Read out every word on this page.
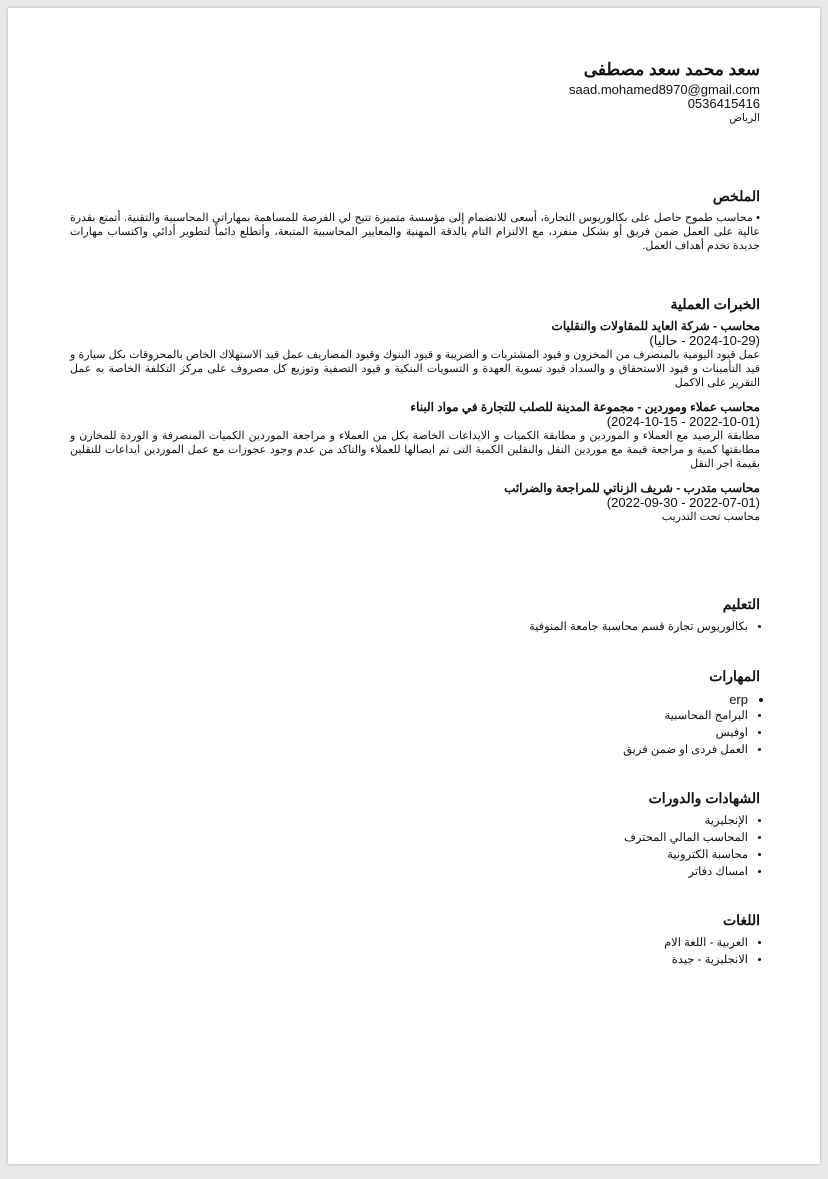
سعد محمد سعد مصطفى
saad.mohamed8970@gmail.com
0536415416
الرياض
الملخص

• محاسب طموح حاصل على بكالوريوس التجارة، أسعى للانضمام إلى مؤسسة متميزة تتيح لي الفرصة للمساهمة بمهاراتي المحاسبية والتقنية. أتمتع بقدرة عالية على العمل ضمن فريق أو بشكل منفرد، مع الالتزام التام بالدقة المهنية والمعايير المحاسبية المتبعة، وأتطلع دائماً لتطوير أدائي واكتساب مهارات جديدة تخدم أهداف العمل.

الخبرات العملية
محاسب - شركة العايد للمقاولات والنقليات
(2024-10-29 - حاليا)

عمل قيود اليومية بالمنصرف من المخزون و قيود المشتريات و الضريبة و قيود البنوك وقيود المصاريف عمل قيد الاستهلاك الخاص بالمحروقات بكل سيارة و قيد التأمينات و قيود الاستحقاق و والسداد قيود تسوية العهدة و التسويات البنكية و قيود التصفية وتوزيع كل مصروف على مركز التكلفة الخاصة به عمل التقرير على الاكمل

محاسب عملاء وموردين - مجموعة المدينة للصلب للتجارة في مواد البناء
(2022-10-01 - 2024-10-15)

مطابقة الرصيد مع العملاء و الموردين و مطابقة الكميات و الايداعات الخاصة بكل من العملاء و مراجعة الموردين الكميات المنصرفة و الوردة للمخازن و مطابقتها كمية و مراجعة قيمة مع موردين النقل والنقلين الكمية التى تم ايصالها للعملاء والتاكد من عدم وجود عجوزات مع عمل الموردين ايداعات للنقلين بقيمة اجر النقل

محاسب متدرب - شريف الزناتي للمراجعة والضرائب
(2022-07-01 - 2022-09-30)

محاسب تحت التدريب

التعليم
• بكالوريوس تجارة قسم محاسبة جامعة المنوفية
المهارات
• erp
• البرامج المحاسبية
• اوفيس
• العمل فردى او ضمن فريق
الشهادات والدورات
• الإنجليزية
• المحاسب المالي المحترف
• محاسبة الكترونية
• امساك دفاتر
اللغات
• العربية - اللغة الام
• الانجليزية - جيدة
